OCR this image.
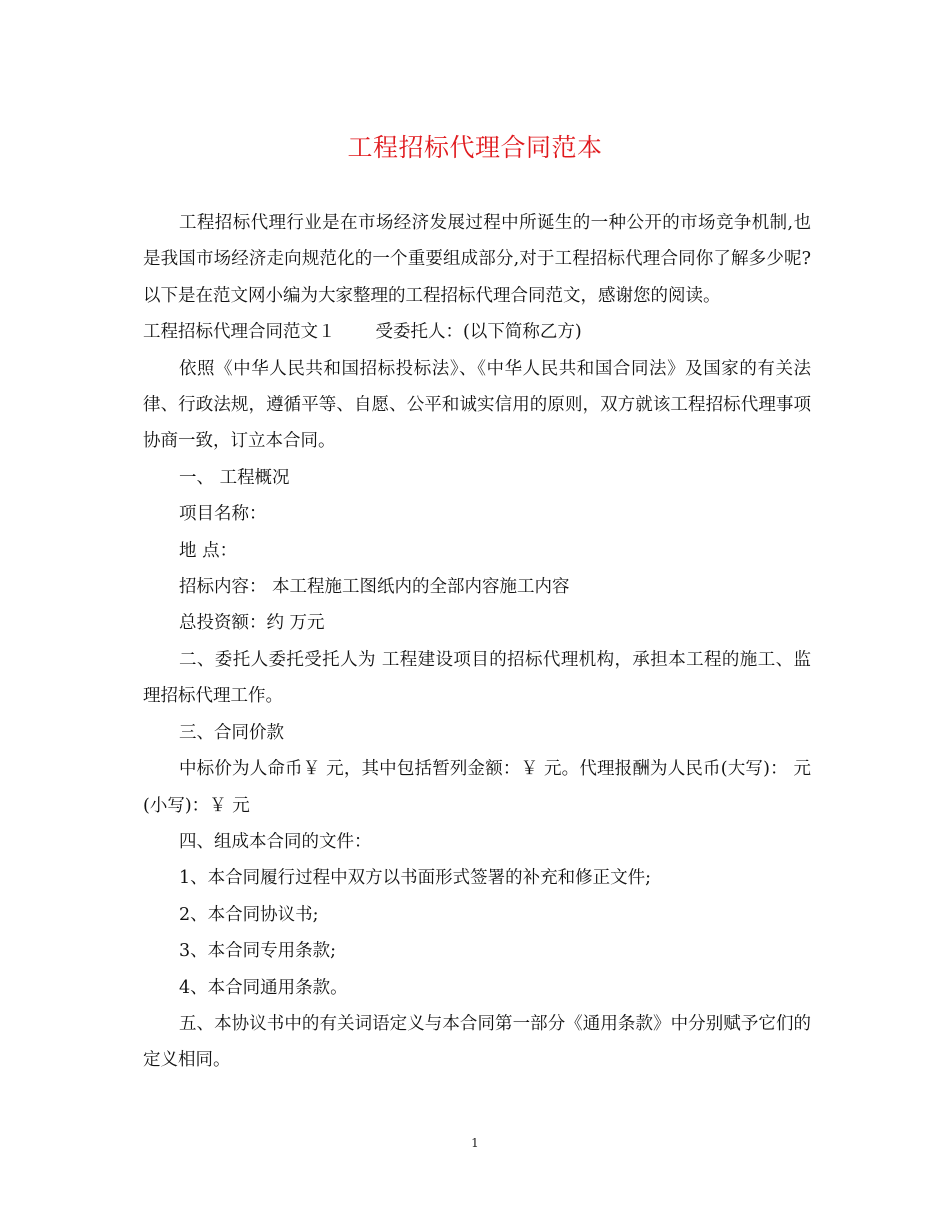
工程招标代理合同范本

工程招标代理行业是在市场经济发展过程中所诞生的一种公开的市场竞争机制,也是我国市场经济走向规范化的一个重要组成部分,对于工程招标代理合同你了解多少呢?以下是在范文网小编为大家整理的工程招标代理合同范文，感谢您的阅读。

工程招标代理合同范文１ 受委托人：(以下简称乙方)

依照《中华人民共和国招标投标法》、《中华人民共和国合同法》及国家的有关法律、行政法规，遵循平等、自愿、公平和诚实信用的原则，双方就该工程招标代理事项协商一致，订立本合同。

一、 工程概况

项目名称：

地 点：

招标内容： 本工程施工图纸内的全部内容施工内容

总投资额：约 万元

二、委托人委托受托人为 工程建设项目的招标代理机构，承担本工程的施工、监理招标代理工作。

三、合同价款

中标价为人命币￥ 元，其中包括暂列金额：￥ 元。代理报酬为人民币(大写)： 元(小写)：￥ 元

四、组成本合同的文件：

1、本合同履行过程中双方以书面形式签署的补充和修正文件;

2、本合同协议书;

3、本合同专用条款;

4、本合同通用条款。

五、本协议书中的有关词语定义与本合同第一部分《通用条款》中分别赋予它们的定义相同。

1
